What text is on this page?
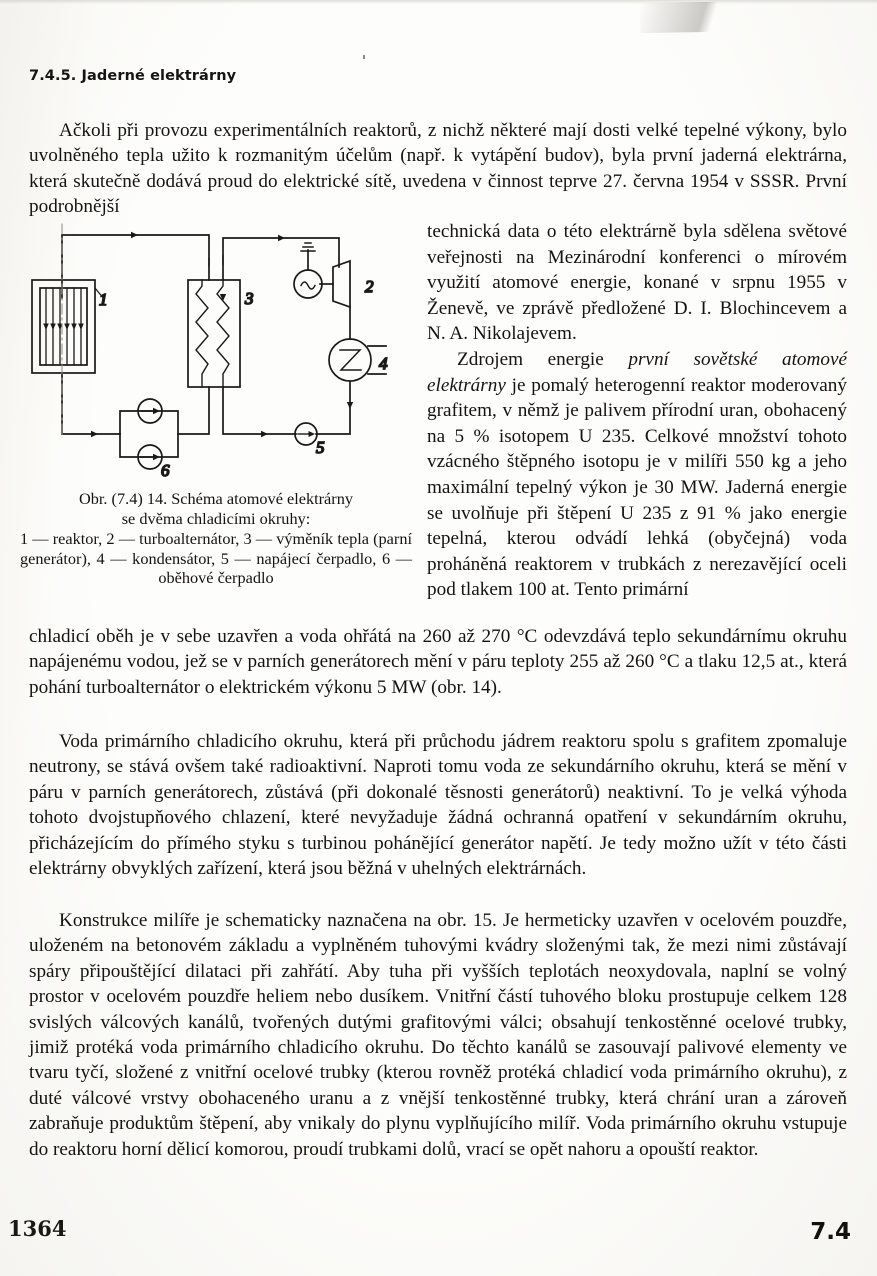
7.4.5. Jaderné elektrárny
Ačkoli při provozu experimentálních reaktorů, z nichž některé mají dosti velké tepelné výkony, bylo uvolněného tepla užito k rozmanitým účelům (např. k vytápění budov), byla první jaderná elektrárna, která skutečně dodává proud do elektrické sítě, uvedena v činnost teprve 27. června 1954 v SSSR. První podrobnější
1
2
3
4
5
6
Obr. (7.4) 14. Schéma atomové elektrárny
se dvěma chladicími okruhy:
1 — reaktor, 2 — turboalternátor, 3 — výměník tepla (parní generátor), 4 — kondensátor, 5 — napájecí čerpadlo, 6 — oběhové čerpadlo
technická data o této elektrárně byla sdělena světové veřejnosti na Mezinárodní konferenci o mírovém využití atomové energie, konané v srpnu 1955 v Ženevě, ve zprávě předložené D. I. Blochincevem a N. A. Nikolajevem.
Zdrojem energie první sovětské atomové elektrárny je pomalý heterogenní reaktor moderovaný grafitem, v němž je palivem přírodní uran, obohacený na 5 % isotopem U 235. Celkové množství tohoto vzácného štěpného isotopu je v milíři 550 kg a jeho maximální tepelný výkon je 30 MW. Jaderná energie se uvolňuje při štěpení U 235 z 91 % jako energie tepelná, kterou odvádí lehká (obyčejná) voda proháněná reaktorem v trubkách z nerezavějící oceli pod tlakem 100 at. Tento primární
chladicí oběh je v sebe uzavřen a voda ohřátá na 260 až 270 °C odevzdává teplo sekundárnímu okruhu napájenému vodou, jež se v parních generátorech mění v páru teploty 255 až 260 °C a tlaku 12,5 at., která pohání turboalternátor o elektrickém výkonu 5 MW (obr. 14).
Voda primárního chladicího okruhu, která při průchodu jádrem reaktoru spolu s grafitem zpomaluje neutrony, se stává ovšem také radioaktivní. Naproti tomu voda ze sekundárního okruhu, která se mění v páru v parních generátorech, zůstává (při dokonalé těsnosti generátorů) neaktivní. To je velká výhoda tohoto dvojstupňového chlazení, které nevyžaduje žádná ochranná opatření v sekundárním okruhu, přicházejícím do přímého styku s turbinou pohánějící generátor napětí. Je tedy možno užít v této části elektrárny obvyklých zařízení, která jsou běžná v uhelných elektrárnách.
Konstrukce milíře je schematicky naznačena na obr. 15. Je hermeticky uzavřen v ocelovém pouzdře, uloženém na betonovém základu a vyplněném tuhovými kvádry složenými tak, že mezi nimi zůstávají spáry připouštějící dilataci při zahřátí. Aby tuha při vyšších teplotách neoxydovala, naplní se volný prostor v ocelovém pouzdře heliem nebo dusíkem. Vnitřní částí tuhového bloku prostupuje celkem 128 svislých válcových kanálů, tvořených dutými grafitovými válci; obsahují tenkostěnné ocelové trubky, jimiž protéká voda primárního chladicího okruhu. Do těchto kanálů se zasouvají palivové elementy ve tvaru tyčí, složené z vnitřní ocelové trubky (kterou rovněž protéká chladicí voda primárního okruhu), z duté válcové vrstvy obohaceného uranu a z vnější tenkostěnné trubky, která chrání uran a zároveň zabraňuje produktům štěpení, aby vnikaly do plynu vyplňujícího milíř. Voda primárního okruhu vstupuje do reaktoru horní dělicí komorou, proudí trubkami dolů, vrací se opět nahoru a opouští reaktor.
1364	7.4
